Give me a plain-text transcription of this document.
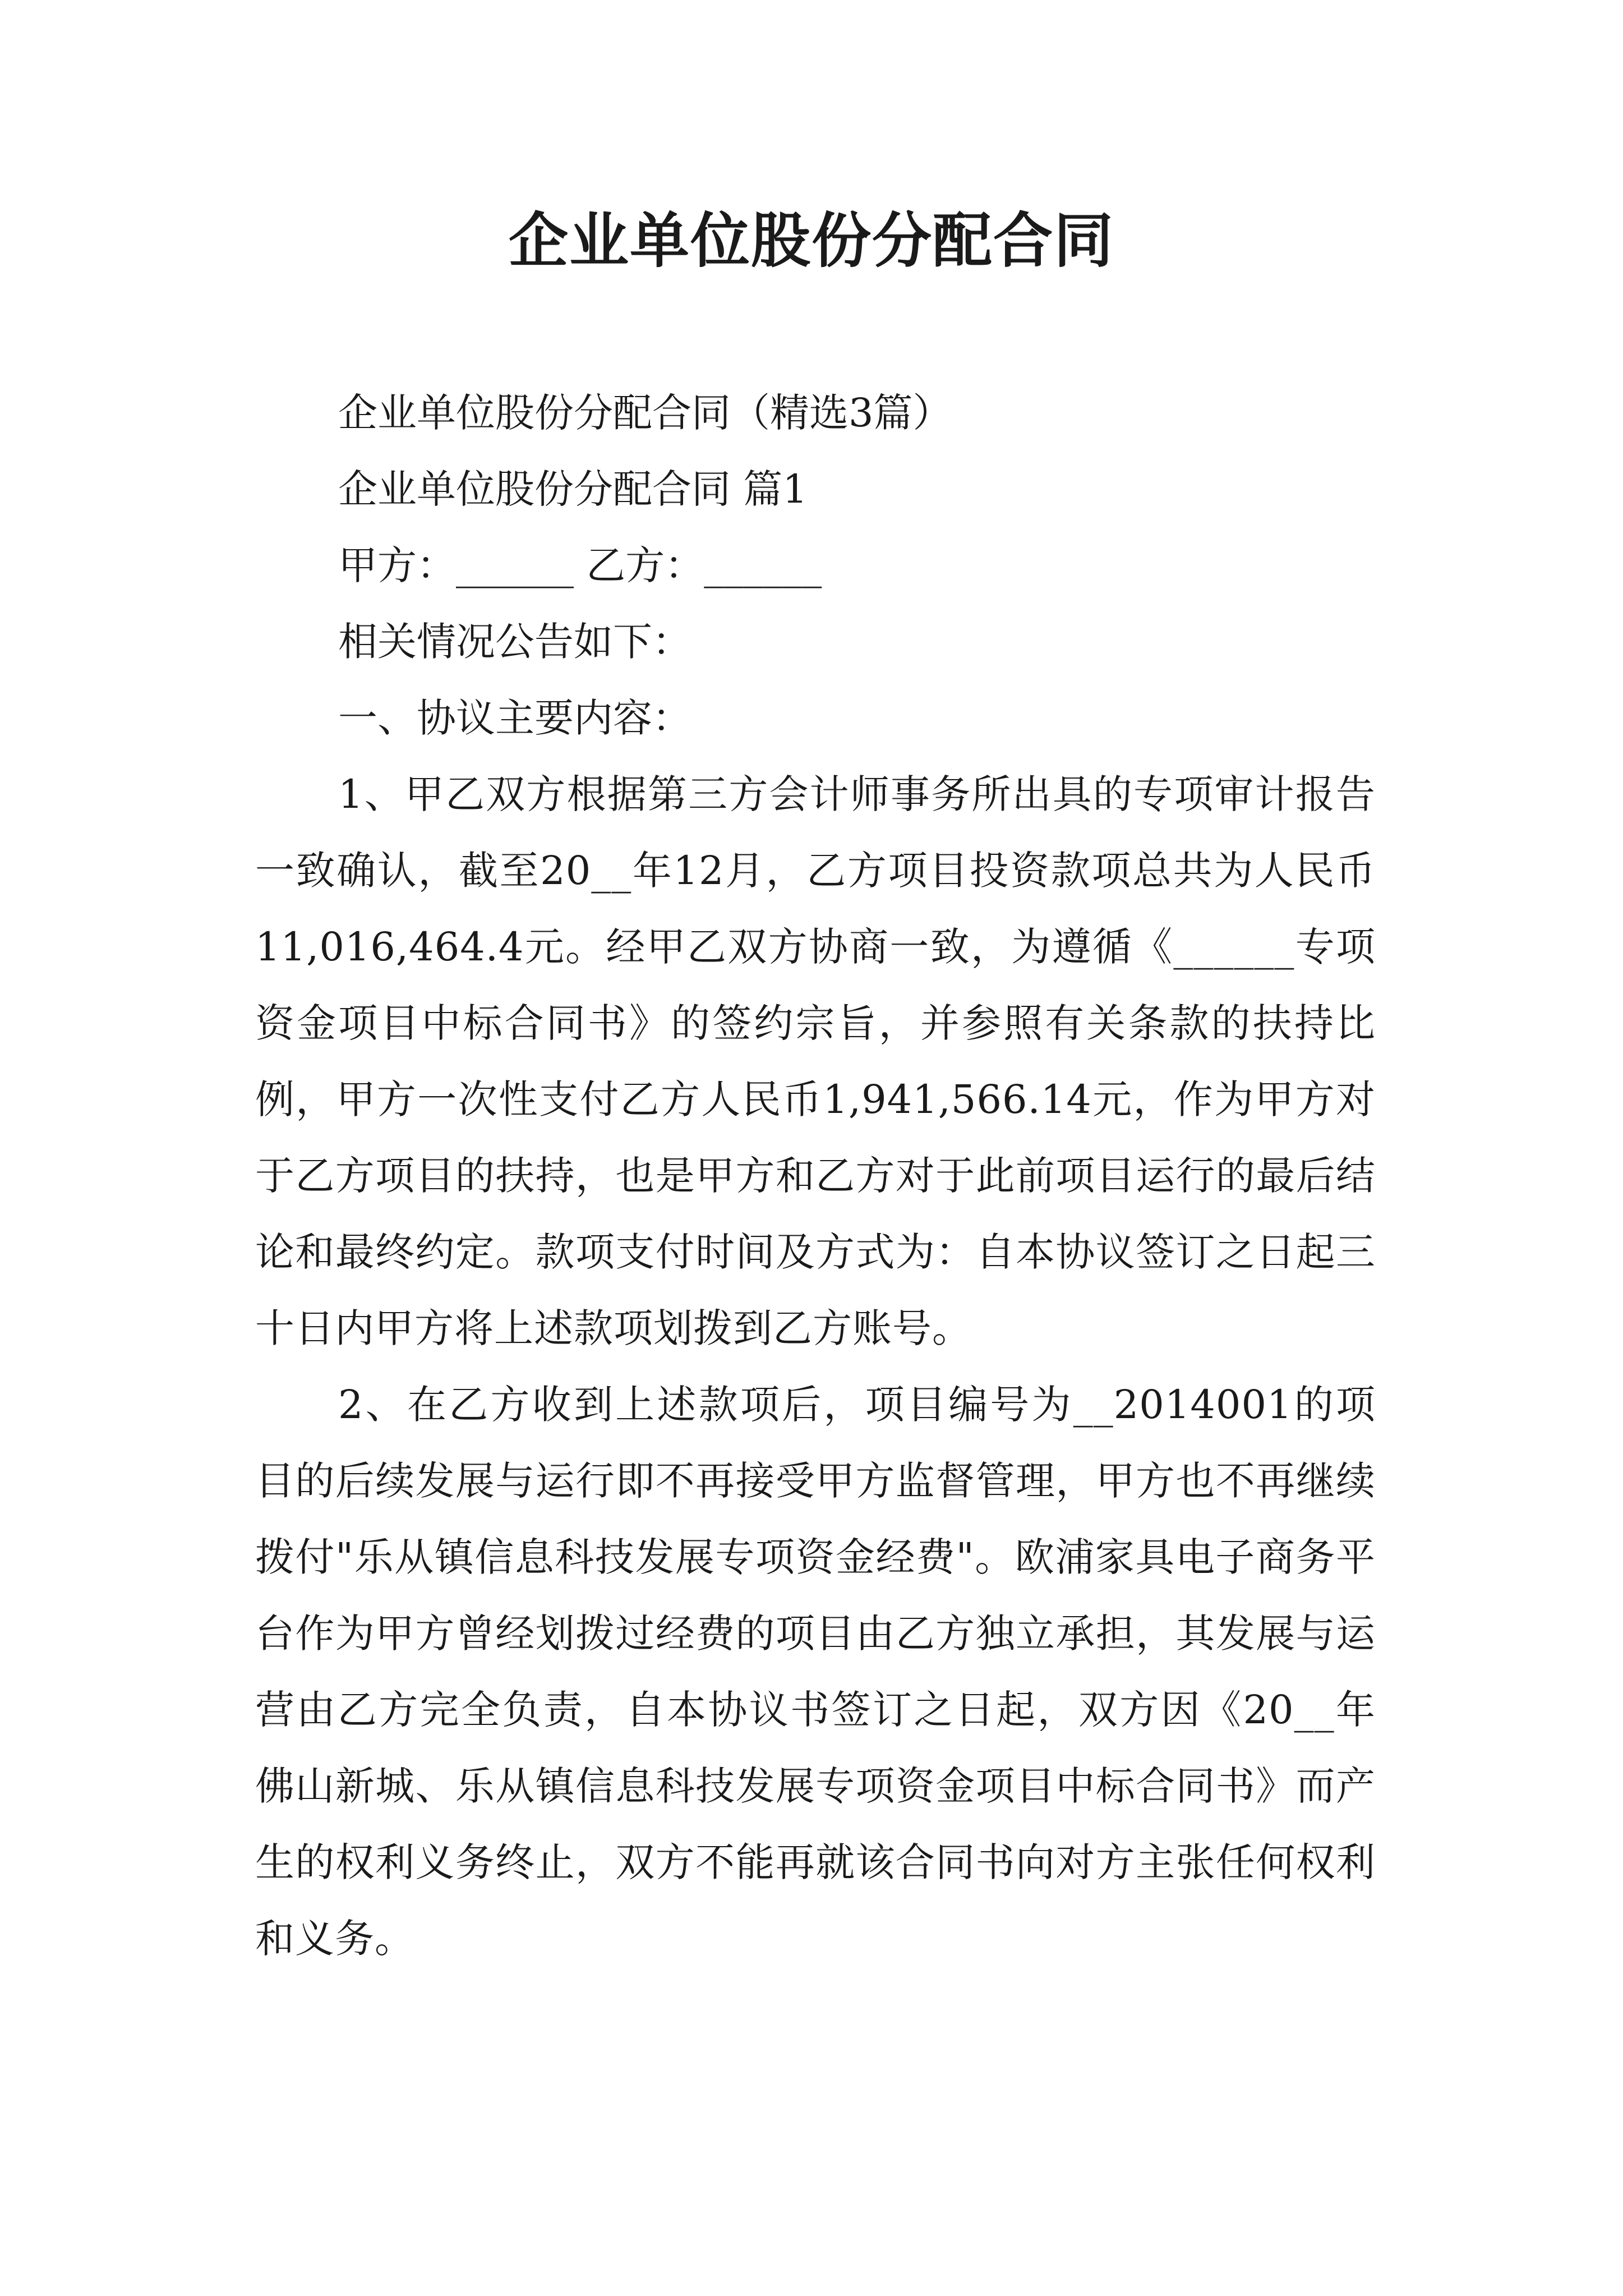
企业单位股份分配合同
企业单位股份分配合同（精选3篇）
企业单位股份分配合同 篇1
甲方：______ 乙方：______
相关情况公告如下：
一、协议主要内容：
1、甲乙双方根据第三方会计师事务所出具的专项审计报告一致确认，截至20__年12月，乙方项目投资款项总共为人民币11,016,464.4元。经甲乙双方协商一致，为遵循《______专项资金项目中标合同书》的签约宗旨，并参照有关条款的扶持比例，甲方一次性支付乙方人民币1,941,566.14元，作为甲方对于乙方项目的扶持，也是甲方和乙方对于此前项目运行的最后结论和最终约定。款项支付时间及方式为：自本协议签订之日起三十日内甲方将上述款项划拨到乙方账号。
2、在乙方收到上述款项后，项目编号为__2014001的项目的后续发展与运行即不再接受甲方监督管理，甲方也不再继续拨付"乐从镇信息科技发展专项资金经费"。欧浦家具电子商务平台作为甲方曾经划拨过经费的项目由乙方独立承担，其发展与运营由乙方完全负责，自本协议书签订之日起，双方因《20__年佛山新城、乐从镇信息科技发展专项资金项目中标合同书》而产生的权利义务终止，双方不能再就该合同书向对方主张任何权利和义务。
